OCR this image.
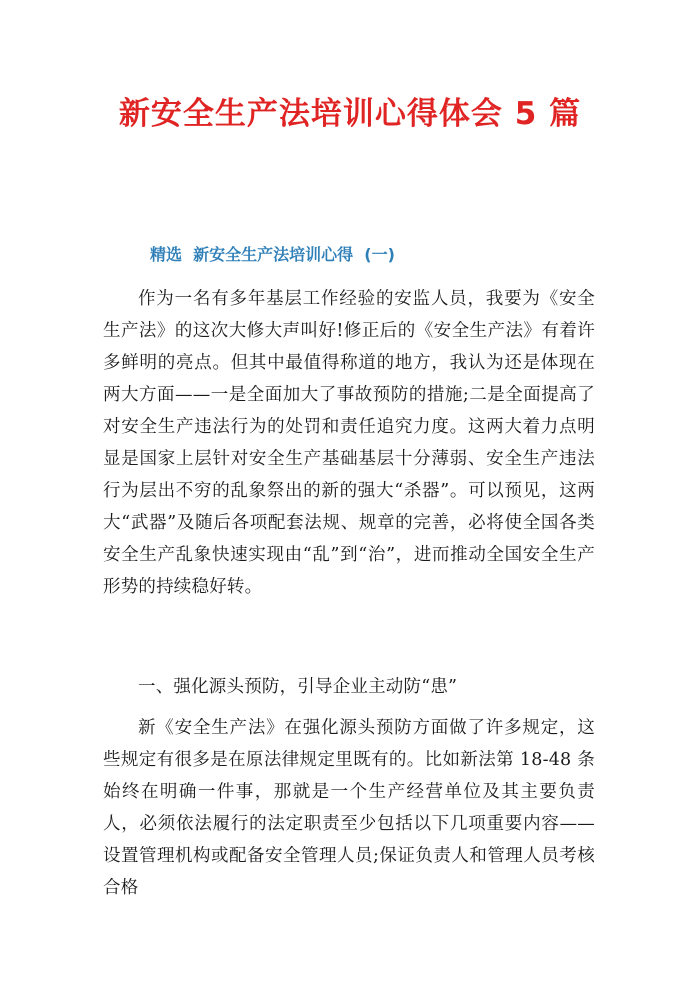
新安全生产法培训心得体会 5 篇
精选  新安全生产法培训心得  (一)

作为一名有多年基层工作经验的安监人员，我要为《安全生产法》的这次大修大声叫好!修正后的《安全生产法》有着许多鲜明的亮点。但其中最值得称道的地方，我认为还是体现在两大方面——一是全面加大了事故预防的措施;二是全面提高了对安全生产违法行为的处罚和责任追究力度。这两大着力点明显是国家上层针对安全生产基础基层十分薄弱、安全生产违法行为层出不穷的乱象祭出的新的强大“杀器”。可以预见，这两大“武器”及随后各项配套法规、规章的完善，必将使全国各类安全生产乱象快速实现由“乱”到“治”，进而推动全国安全生产形势的持续稳好转。

一、强化源头预防，引导企业主动防“患”

新《安全生产法》在强化源头预防方面做了许多规定，这些规定有很多是在原法律规定里既有的。比如新法第 18-48 条始终在明确一件事，那就是一个生产经营单位及其主要负责人，必须依法履行的法定职责至少包括以下几项重要内容——设置管理机构或配备安全管理人员;保证负责人和管理人员考核合格
